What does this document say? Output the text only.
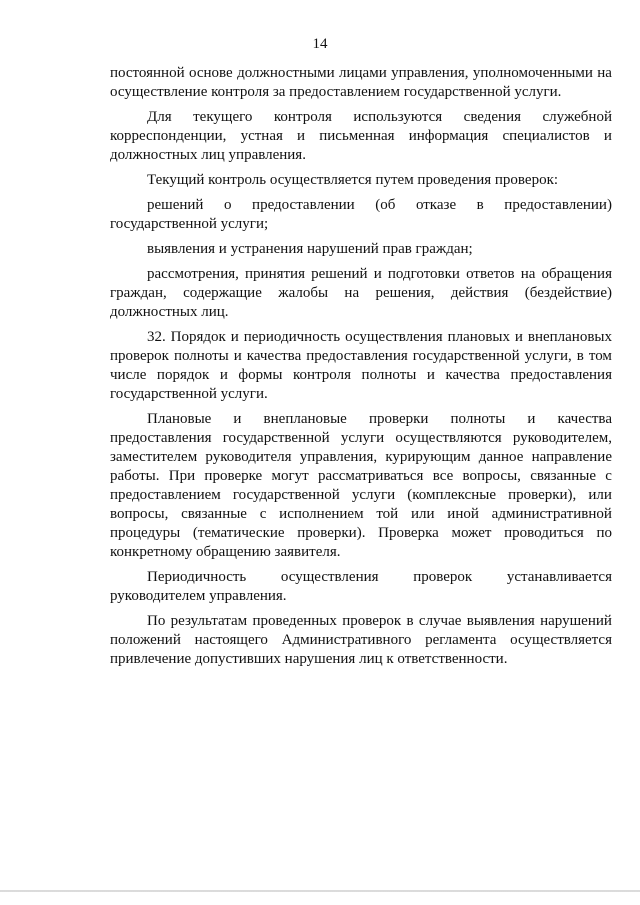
14
постоянной основе должностными лицами управления, уполномоченными на
осуществление контроля за предоставлением государственной услуги.
Для текущего контроля используются сведения служебной
корреспонденции, устная и письменная информация специалистов и
должностных лиц управления.
Текущий контроль осуществляется путем проведения проверок:
решений о предоставлении (об отказе в предоставлении)
государственной услуги;
выявления и устранения нарушений прав граждан;
рассмотрения, принятия решений и подготовки ответов на обращения
граждан, содержащие жалобы на решения, действия (бездействие)
должностных лиц.
32. Порядок и периодичность осуществления плановых и внеплановых
проверок полноты и качества предоставления государственной услуги, в том
числе порядок и формы контроля полноты и качества предоставления
государственной услуги.
Плановые и внеплановые проверки полноты и качества
предоставления государственной услуги осуществляются руководителем,
заместителем руководителя управления, курирующим данное направление
работы. При проверке могут рассматриваться все вопросы, связанные с
предоставлением государственной услуги (комплексные проверки), или
вопросы, связанные с исполнением той или иной административной
процедуры (тематические проверки). Проверка может проводиться по
конкретному обращению заявителя.
Периодичность осуществления проверок устанавливается
руководителем управления.
По результатам проведенных проверок в случае выявления нарушений
положений настоящего Административного регламента осуществляется
привлечение допустивших нарушения лиц к ответственности.
